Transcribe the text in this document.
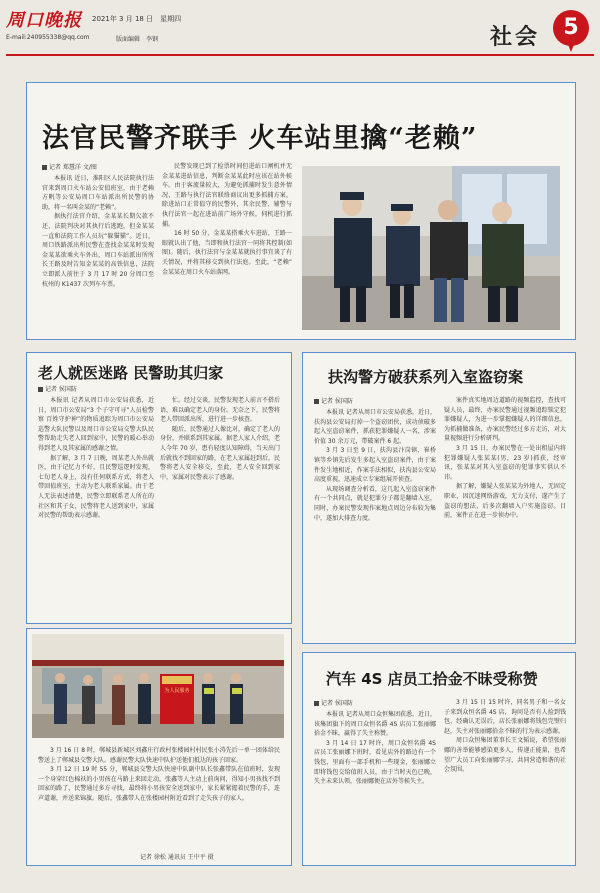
周口晚报 2021年 3 月 18 日　星期四
E-mail:240955338@qq.com	版面编辑　李钢	社会	5
法官民警齐联手 火车站里擒“老赖”
记者 郑慧洋 文/图

本报讯 近日，淮阳区人民法院执行法官来到周口火车站公安值班室，由于老赖方帆等公安局周口车站派出所民警的协助，将一名叫金某的“老赖”。

据执行法官介绍，金某某长期欠款不还，法院判决对其执行后逃跑，但金某某一直和法院工作人员玩“躲猫猫”。近日，周口铁路派出所民警在查找金某某时发现金某某欲乘火车外出，周口车站派出所所长王路及时告知金某某的高铁信息，法院立即派人前往于 3 月 17 时 20 分周口至杭州的 K1437 次列车车票。

民警发现已到了检票时间但进站口闸机并无金某某进站信息，判断金某某此时应该在站外候车。由于客流量较大，为避免抓捕时发生意外情况，王路与执行法官联络商议出更多抓捕方案，除进站口正常值守的民警外，其余民警、辅警与执行法官一起在进站前广场外守候，伺机进行抓捕。

16 时 50 分，金某某搭乘火车进站，王路一眼就认出了他，当即和执行法官一同将其控制(如图)。随后，执行法官与金某某就执行事宜谈了有关情况，并将其移交到执行法庭。至此，“老赖” 金某某在周口火车站落网。

老人就医迷路 民警助其归家
记者 侯国防

本报讯 记者从周口市公安局获悉，近日，周口市公安局“3 个子守可寻”人员检警察 百姓守护神”的物质追踪为周口市公安局巡警大队民警以及周口市公安局交警大队民警帮助走失老人回到家中，民警的暖心举动得到老人及其家属的感谢之情。

据了解，3 月 7 日晚，周某老人外出就医，由于记忆力不好，且民警巡逻时发现，七旬老人身上，没有任何联系方式，将老人带回值班室，主动为老人联系家属。由于老人无法表述清楚，民警立即联系老人所在的社区和其子女，民警将老人送到家中，家属对民警的帮助表示感谢。

忙。经过交谈，民警发现老人前言不搭后语，难以确定老人的身份。无奈之下，民警将老人带回派出所，进行进一步核查。

随后，民警通过人像比对，确定了老人的身份，并联系到其家属。据老人家人介绍，老人今年 70 岁，患有轻度认知障碍，当天出门后就找不到回家的路，在老人家属赶到后，民警将老人安全移交，至此，老人安全回到家中，家属对民警表示了感谢。

扶沟警方破获系列入室盗窃案
记者 侯国防

本报讯 记者从周口市公安局获悉，近日，扶沟县公安局打掉一个盗窃团伙，成功侦破多起入室盗窃案件，抓获犯罪嫌疑人一名，涉案价值 30 余万元，带破案件 6 起。

3 月 3 日至 9 日，扶沟县汴岗镇、崔桥镇等乡镇先后发生多起入室盗窃案件，由于案件发生地相近，作案手法相似，扶沟县公安局高度重视，迅速成立专案组展开侦查。

从现场调查分析看，这几起入室盗窃案件有一个共同点，就是犯罪分子都是翻墙入室，同时，办案民警发现作案地点周边分布较为集中，遂加大排查力度。

案件真实地周边道路的视频监控，查找可疑人员，最终，办案民警通过视频追踪锁定犯罪嫌疑人，为进一步掌握嫌疑人的详细信息，为抓捕做准备，办案民警经过多方走访，对大量视频进行分析研判。

3 月 15 日，办案民警在一处出租屋内将犯罪嫌疑人张某某(男，23 岁)抓获，经审讯，张某某对其入室盗窃的犯罪事实供认不讳。

据了解，嫌疑人张某某为外地人，无固定职业，因沉迷网络游戏，无力支付，遂产生了盗窃的想法，后多次翻墙入户实施盗窃。目前，案件正在进一步侦办中。

为人民服务

3 月 16 日 8 时，郸城县新城区刘鑫庄行政村张楼园村村民张小涛先后一单一团体给民警送上了郸城县交警大队。感谢民警大队快速中队护送他们抵达的孩子回家。

3 月 12 日 19 时 55 分，郸城县交警大队快速中队副中队长张鑫带队在值班时，发现一个身穿红色棉袄的小男孩在马路上来回走动，张鑫等人主动上前询问，得知小男孩找不到回家的路了，民警通过多方寻找，最终将小男孩安全送到家中，家长紧紧握着民警的手，连声道谢，并送来锦旗。随后，张鑫带人在张楼园村附近看到了走失孩子的家人。

记者 徐松 通讯员 王中平 摄
汽车 4S 店员工拾金不昧受称赞
记者 侯国防

本报讯 记者从周口众恒集团获悉，近日，该集团旗下的周口众恒名爵 4S 店员工张丽娜拾金不昧，赢得了失主称赞。

3 月 14 日 17 时许，周口众恒名爵 4S 店员工张丽娜下班时，看见店外的路边有一个钱包，里面有一部手机和一些现金，张丽娜立即将钱包交给值班人员，由于当时天色已晚，失主未来认领，张丽娜便在店外等候失主。

3 月 15 日 15 时许，同名男子和一名女子来到众恒名爵 4S 店，询问是否有人捡到钱包，经确认无误后，店长张丽娜将钱包完璧归赵，失主对张丽娜拾金不昧的行为表示感谢。

周口众恒集团董事长王文韬说，希望张丽娜的善举能够感染更多人，传递正能量，也希望广大员工向张丽娜学习，共同营造和谐的社会氛围。
